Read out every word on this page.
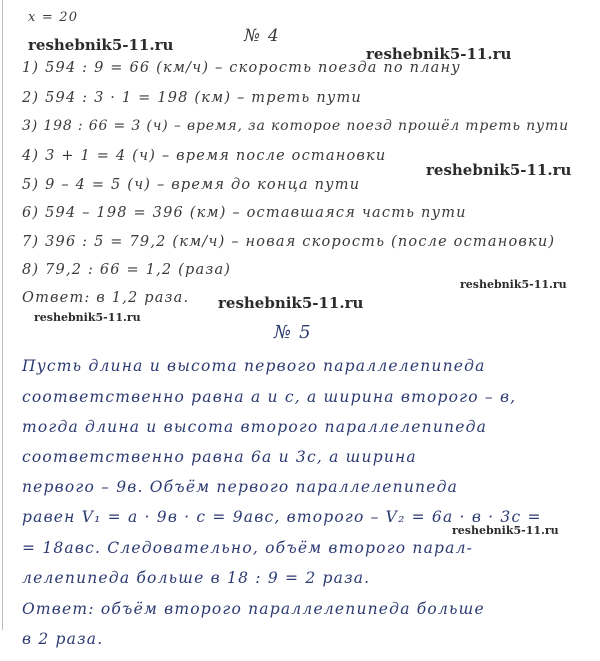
x = 20
reshebnik5-11.ru	reshebnik5-11.ru
reshebnik5-11.ru
reshebnik5-11.ru
reshebnik5-11.ru
reshebnik5-11.ru
reshebnik5-11.ru
№ 4
1) 594 : 9 = 66 (км/ч) – скорость поезда по плану
2) 594 : 3 · 1 = 198 (км) – треть пути
3) 198 : 66 = 3 (ч) – время, за которое поезд прошёл треть пути
4) 3 + 1 = 4 (ч) – время после остановки
5) 9 – 4 = 5 (ч) – время до конца пути
6) 594 – 198 = 396 (км) – оставшаяся часть пути
7) 396 : 5 = 79,2 (км/ч) – новая скорость (после остановки)
8) 79,2 : 66 = 1,2 (раза)
Ответ: в 1,2 раза.
№ 5
Пусть длина и высота первого параллелепипеда
соответственно равна а и с, а ширина второго – в,
тогда длина и высота второго параллелепипеда
соответственно равна 6а и 3с, а ширина
первого – 9в. Объём первого параллелепипеда
равен V₁ = а · 9в · с = 9авс, второго – V₂ = 6а · в · 3с =
= 18авс. Следовательно, объём второго парал-
лелепипеда больше в 18 : 9 = 2 раза.
Ответ: объём второго параллелепипеда больше
в 2 раза.
